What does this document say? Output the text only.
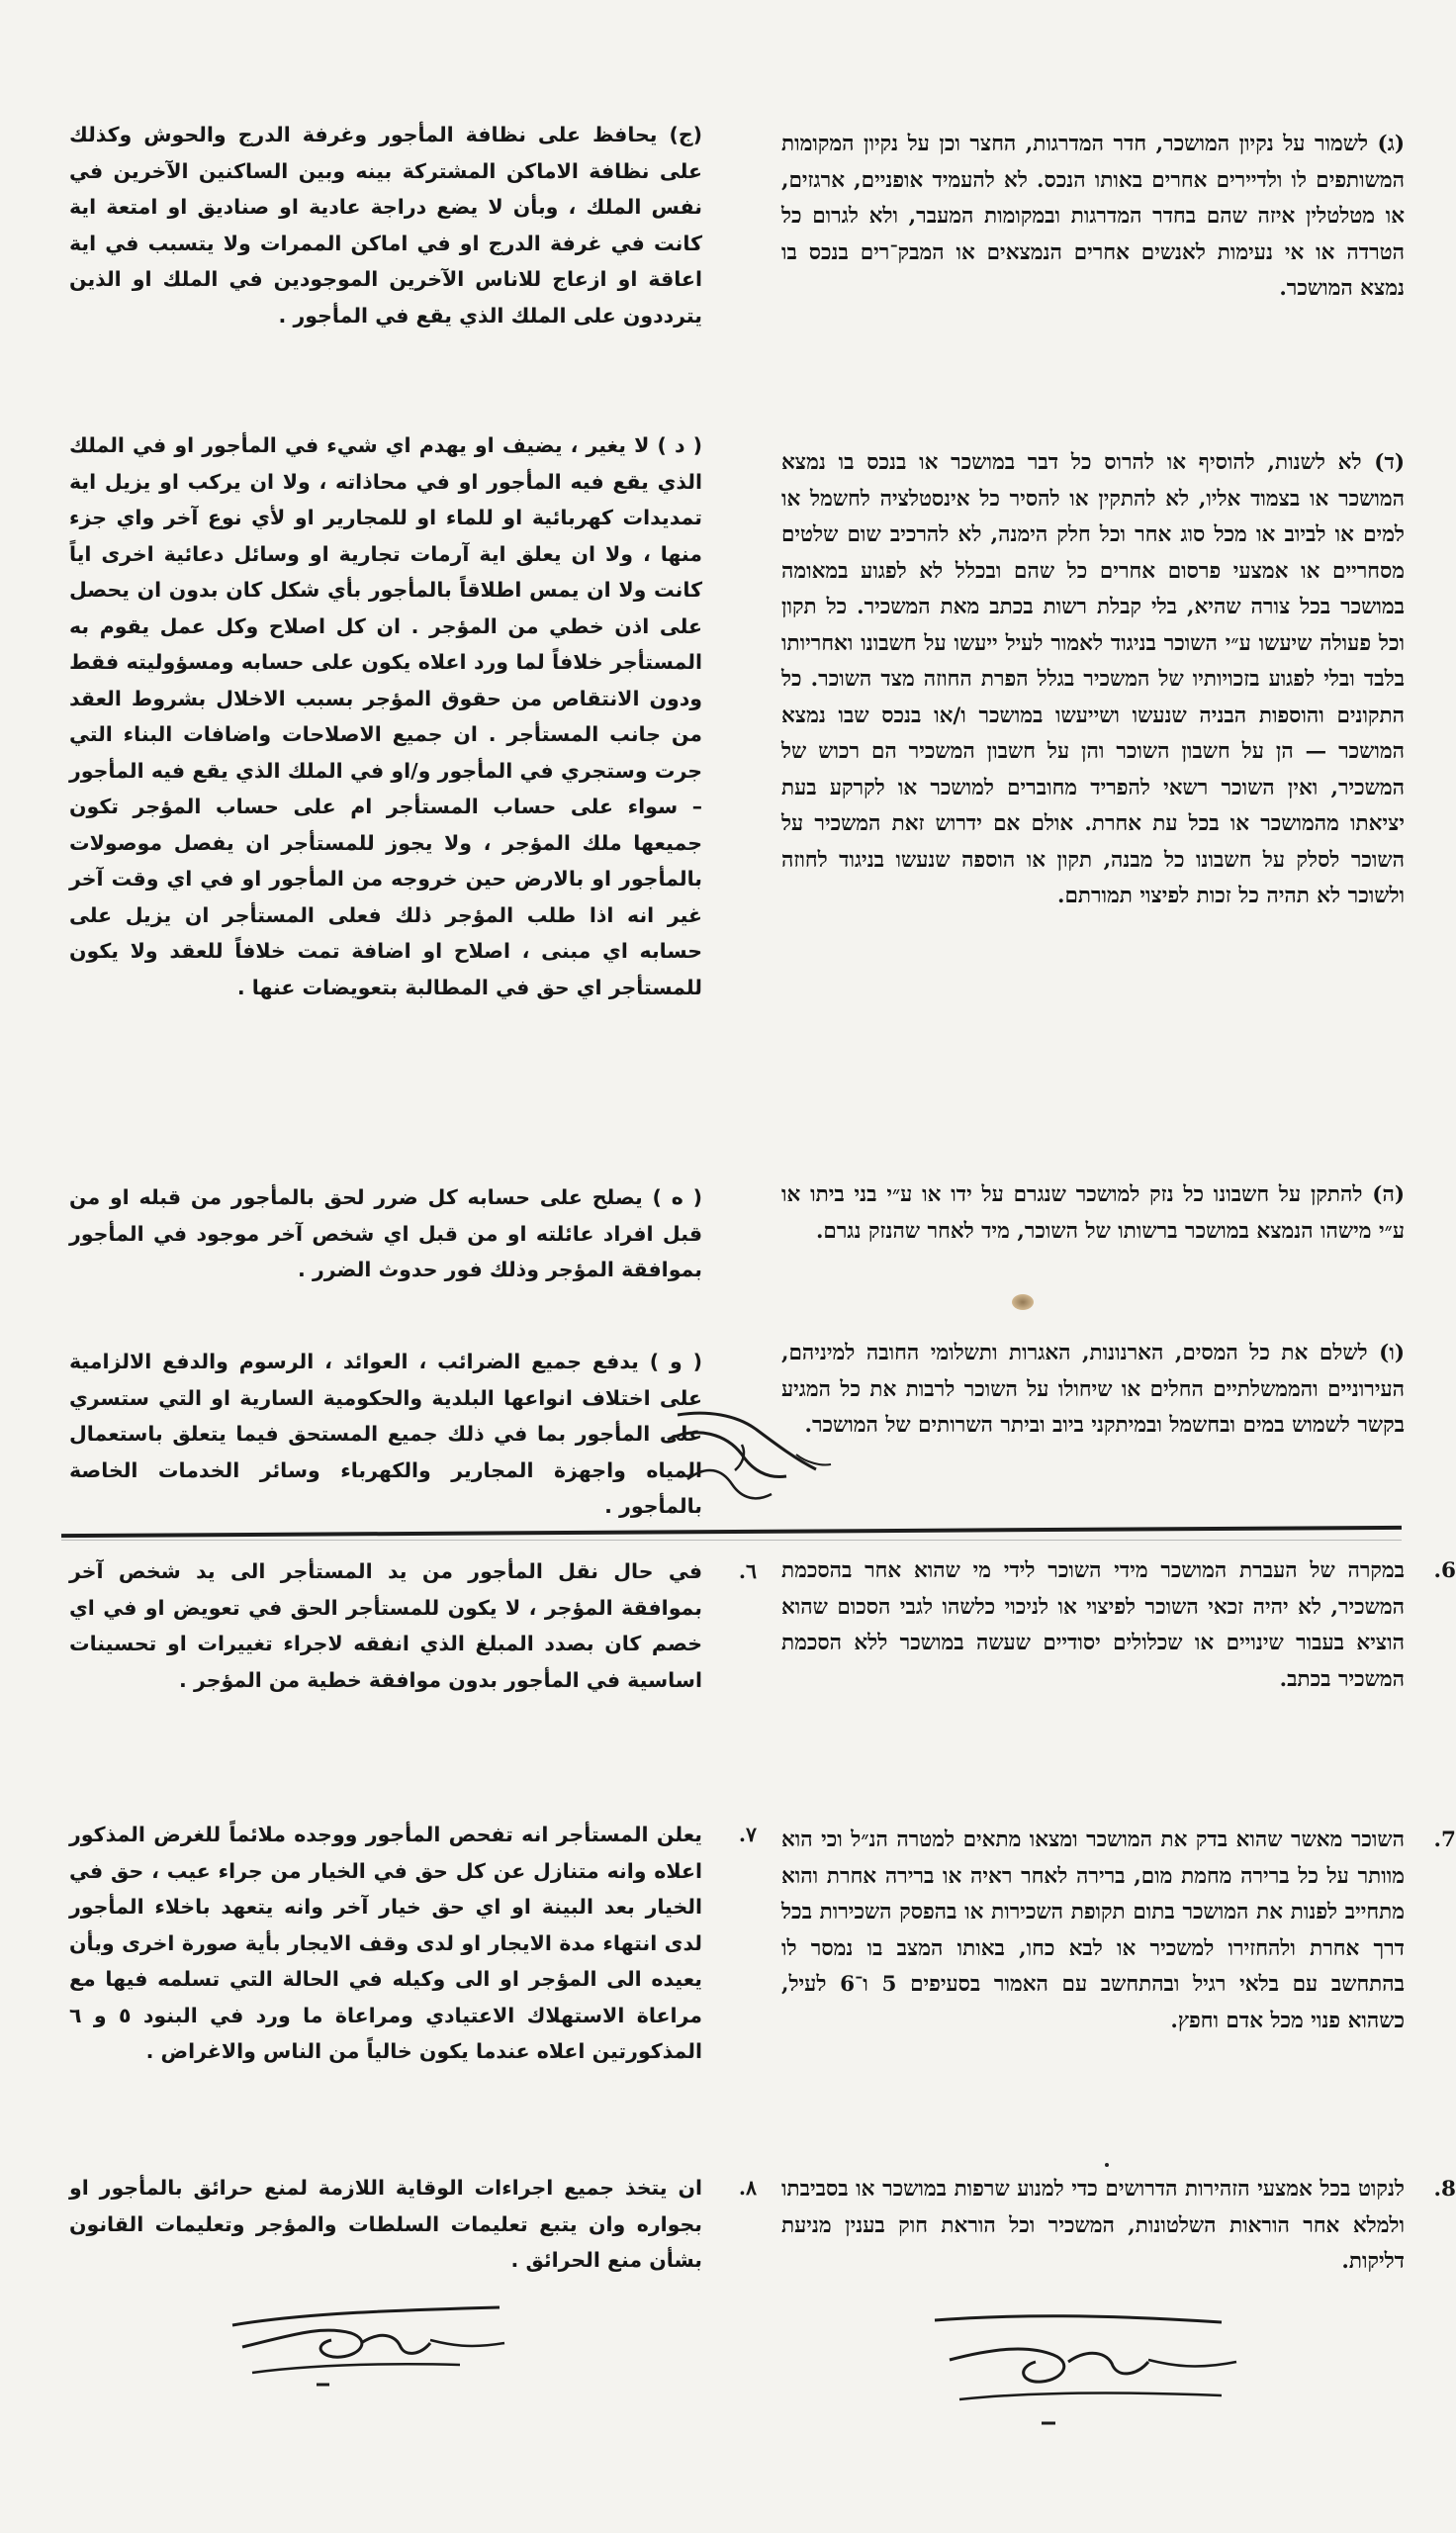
(ג) לשמור על נקיון המושכר, חדר המדרגות, החצר וכן על נקיון המקומות המשותפים לו ולדיירים אחרים באותו הנכס. לא להעמיד אופניים, ארגזים, או מטלטלין איזה שהם בחדר המדרגות ובמקומות המעבר, ולא לגרום כל הטרדה או אי נעימות לאנשים אחרים הנמצאים או המבק־רים בנכס בו נמצא המושכר.

(ד) לא לשנות, להוסיף או להרוס כל דבר במושכר או בנכס בו נמצא המושכר או בצמוד אליו, לא להתקין או להסיר כל אינסטלציה לחשמל או למים או לביוב או מכל סוג אחר וכל חלק הימנה, לא להרכיב שום שלטים מסחריים או אמצעי פרסום אחרים כל שהם ובכלל לא לפגוע במאומה במושכר בכל צורה שהיא, בלי קבלת רשות בכתב מאת המשכיר. כל תקון וכל פעולה שיעשו ע״י השוכר בניגוד לאמור לעיל ייעשו על חשבונו ואחריותו בלבד ובלי לפגוע בזכויותיו של המשכיר בגלל הפרת החוזה מצד השוכר. כל התקונים והוספות הבניה שנעשו ושייעשו במושכר ו/או בנכס שבו נמצא המושכר — הן על חשבון השוכר והן על חשבון המשכיר הם רכוש של המשכיר, ואין השוכר רשאי להפריד מחוברים למושכר או לקרקע בעת יציאתו מהמושכר או בכל עת אחרת. אולם אם ידרוש זאת המשכיר על השוכר לסלק על חשבונו כל מבנה, תקון או הוספה שנעשו בניגוד לחוזה ולשוכר לא תהיה כל זכות לפיצוי תמורתם.

(ה) להתקן על חשבונו כל נזק למושכר שנגרם על ידו או ע״י בני ביתו או ע״י מישהו הנמצא במושכר ברשותו של השוכר, מיד לאחר שהנזק נגרם.

(ו) לשלם את כל המסים, הארנונות, האגרות ותשלומי החובה למיניהם, העירוניים והממשלתיים החלים או שיחולו על השוכר לרבות את כל המגיע בקשר לשמוש במים ובחשמל ובמיתקני ביוב וביתר השרותים של המושכר.

.6

במקרה של העברת המושכר מידי השוכר לידי מי שהוא אחר בהסכמת המשכיר, לא יהיה זכאי השוכר לפיצוי או לניכוי כלשהו לגבי הסכום שהוא הוציא בעבור שינויים או שכלולים יסודיים שעשה במושכר ללא הסכמת המשכיר בכתב.

.7

השוכר מאשר שהוא בדק את המושכר ומצאו מתאים למטרה הנ״ל וכי הוא מוותר על כל ברירה מחמת מום, ברירה לאחר ראיה או ברירה אחרת והוא מתחייב לפנות את המושכר בתום תקופת השכירות או בהפסק השכירות בכל דרך אחרת ולהחזירו למשכיר או לבא כחו, באותו המצב בו נמסר לו בהתחשב עם בלאי רגיל ובהתחשב עם האמור בסעיפים 5 ו־6 לעיל, כשהוא פנוי מכל אדם וחפץ.

.8

לנקוט בכל אמצעי הזהירות הדרושים כדי למנוע שרפות במושכר או בסביבתו ולמלא אחר הוראות השלטונות, המשכיר וכל הוראת חוק בענין מניעת דליקות.

(ج) يحافظ على نظافة المأجور وغرفة الدرج والحوش وكذلك على نظافة الاماكن المشتركة بينه وبين الساكنين الآخرين في نفس الملك ، وبأن لا يضع دراجة عادية او صناديق او امتعة اية كانت في غرفة الدرج او في اماكن الممرات ولا يتسبب في اية اعاقة او ازعاج للاناس الآخرين الموجودين في الملك او الذين يترددون على الملك الذي يقع في المأجور .

( د ) لا يغير ، يضيف او يهدم اي شيء في المأجور او في الملك الذي يقع فيه المأجور او في محاذاته ، ولا ان يركب او يزيل اية تمديدات كهربائية او للماء او للمجارير او لأي نوع آخر واي جزء منها ، ولا ان يعلق اية آرمات تجارية او وسائل دعائية اخرى اياً كانت ولا ان يمس اطلاقاً بالمأجور بأي شكل كان بدون ان يحصل على اذن خطي من المؤجر . ان كل اصلاح وكل عمل يقوم به المستأجر خلافاً لما ورد اعلاه يكون على حسابه ومسؤوليته فقط ودون الانتقاص من حقوق المؤجر بسبب الاخلال بشروط العقد من جانب المستأجر . ان جميع الاصلاحات واضافات البناء التي جرت وستجري في المأجور و/او في الملك الذي يقع فيه المأجور – سواء على حساب المستأجر ام على حساب المؤجر تكون جميعها ملك المؤجر ، ولا يجوز للمستأجر ان يفصل موصولات بالمأجور او بالارض حين خروجه من المأجور او في اي وقت آخر غير انه اذا طلب المؤجر ذلك فعلى المستأجر ان يزيل على حسابه اي مبنى ، اصلاح او اضافة تمت خلافاً للعقد ولا يكون للمستأجر اي حق في المطالبة بتعويضات عنها .

( ه ) يصلح على حسابه كل ضرر لحق بالمأجور من قبله او من قبل افراد عائلته او من قبل اي شخص آخر موجود في المأجور بموافقة المؤجر وذلك فور حدوث الضرر .

( و ) يدفع جميع الضرائب ، العوائد ، الرسوم والدفع الالزامية على اختلاف انواعها البلدية والحكومية السارية او التي ستسري على المأجور بما في ذلك جميع المستحق فيما يتعلق باستعمال المياه واجهزة المجارير والكهرباء وسائر الخدمات الخاصة بالمأجور .

.٦

في حال نقل المأجور من يد المستأجر الى يد شخص آخر بموافقة المؤجر ، لا يكون للمستأجر الحق في تعويض او في اي خصم كان بصدد المبلغ الذي انفقه لاجراء تغييرات او تحسينات اساسية في المأجور بدون موافقة خطية من المؤجر .

.٧

يعلن المستأجر انه تفحص المأجور ووجده ملائماً للغرض المذكور اعلاه وانه متنازل عن كل حق في الخيار من جراء عيب ، حق في الخيار بعد البينة او اي حق خيار آخر وانه يتعهد باخلاء المأجور لدى انتهاء مدة الايجار او لدى وقف الايجار بأية صورة اخرى وبأن يعيده الى المؤجر او الى وكيله في الحالة التي تسلمه فيها مع مراعاة الاستهلاك الاعتيادي ومراعاة ما ورد في البنود ٥ و ٦ المذكورتين اعلاه عندما يكون خالياً من الناس والاغراض .

.٨

ان يتخذ جميع اجراءات الوقاية اللازمة لمنع حرائق بالمأجور او بجواره وان يتبع تعليمات السلطات والمؤجر وتعليمات القانون بشأن منع الحرائق .
